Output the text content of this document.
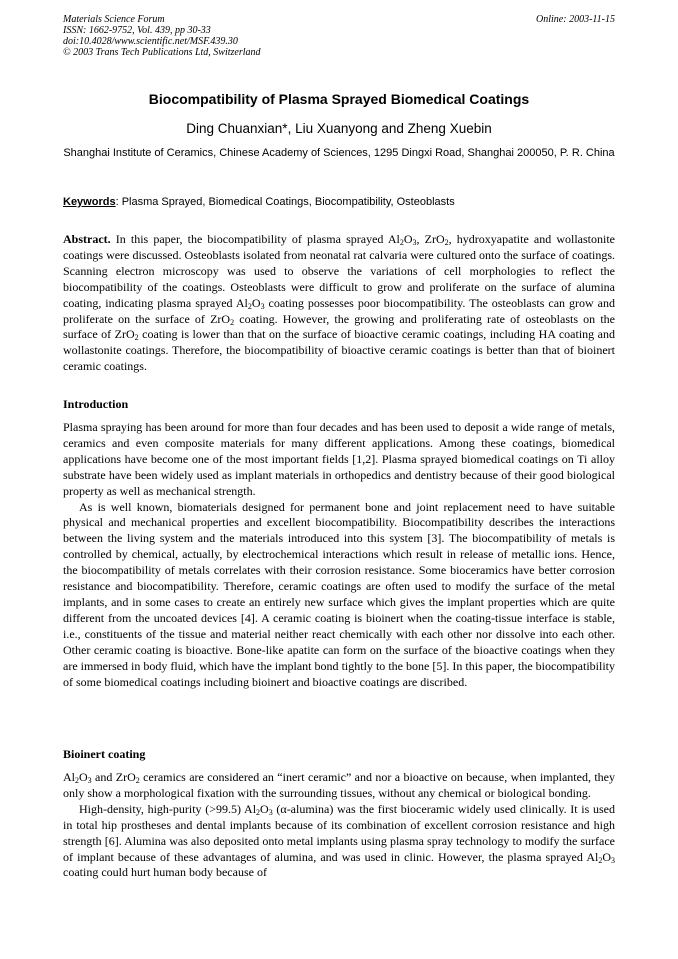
Materials Science Forum
ISSN: 1662-9752, Vol. 439, pp 30-33
doi:10.4028/www.scientific.net/MSF.439.30
© 2003 Trans Tech Publications Ltd, Switzerland
Online: 2003-11-15
Biocompatibility of Plasma Sprayed Biomedical Coatings
Ding Chuanxian*, Liu Xuanyong and Zheng Xuebin
Shanghai Institute of Ceramics, Chinese Academy of Sciences, 1295 Dingxi Road, Shanghai 200050, P. R. China
Keywords: Plasma Sprayed, Biomedical Coatings, Biocompatibility, Osteoblasts

Abstract. In this paper, the biocompatibility of plasma sprayed $Al_2O_3$, ZrO$_2$, hydroxyapatite and wollastonite coatings were discussed. Osteoblasts isolated from neonatal rat calvaria were cultured onto the surface of coatings. Scanning electron microscopy was used to observe the variations of cell morphologies to reflect the biocompatibility of the coatings. Osteoblasts were difficult to grow and proliferate on the surface of alumina coating, indicating plasma sprayed $Al_2O_3$ coating possesses poor biocompatibility. The osteoblasts can grow and proliferate on the surface of ZrO$_2$ coating. However, the growing and proliferating rate of osteoblasts on the surface of ZrO$_2$ coating is lower than that on the surface of bioactive ceramic coatings, including HA coating and wollastonite coatings. Therefore, the biocompatibility of bioactive ceramic coatings is better than that of bioinert ceramic coatings.

Introduction

Plasma spraying has been around for more than four decades and has been used to deposit a wide range of metals, ceramics and even composite materials for many different applications. Among these coatings, biomedical applications have become one of the most important fields [1,2]. Plasma sprayed biomedical coatings on Ti alloy substrate have been widely used as implant materials in orthopedics and dentistry because of their good biological property as well as mechanical strength.

As is well known, biomaterials designed for permanent bone and joint replacement need to have suitable physical and mechanical properties and excellent biocompatibility. Biocompatibility describes the interactions between the living system and the materials introduced into this system [3]. The biocompatibility of metals is controlled by chemical, actually, by electrochemical interactions which result in release of metallic ions. Hence, the biocompatibility of metals correlates with their corrosion resistance. Some bioceramics have better corrosion resistance and biocompatibility. Therefore, ceramic coatings are often used to modify the surface of the metal implants, and in some cases to create an entirely new surface which gives the implant properties which are quite different from the uncoated devices [4]. A ceramic coating is bioinert when the coating-tissue interface is stable, i.e., constituents of the tissue and material neither react chemically with each other nor dissolve into each other. Other ceramic coating is bioactive. Bone-like apatite can form on the surface of the bioactive coatings when they are immersed in body fluid, which have the implant bond tightly to the bone [5]. In this paper, the biocompatibility of some biomedical coatings including bioinert and bioactive coatings are discribed.

Bioinert coating

$Al_2O_3$ and ZrO$_2$ ceramics are considered an “inert ceramic” and nor a bioactive on because, when implanted, they only show a morphological fixation with the surrounding tissues, without any chemical or biological bonding.

High-density, high-purity (>99.5) $Al_2O_3$ (α-alumina) was the first bioceramic widely used clinically. It is used in total hip prostheses and dental implants because of its combination of excellent corrosion resistance and high strength [6]. Alumina was also deposited onto metal implants using plasma spray technology to modify the surface of implant because of these advantages of alumina, and was used in clinic. However, the plasma sprayed $Al_2O_3$ coating could hurt human body because of
